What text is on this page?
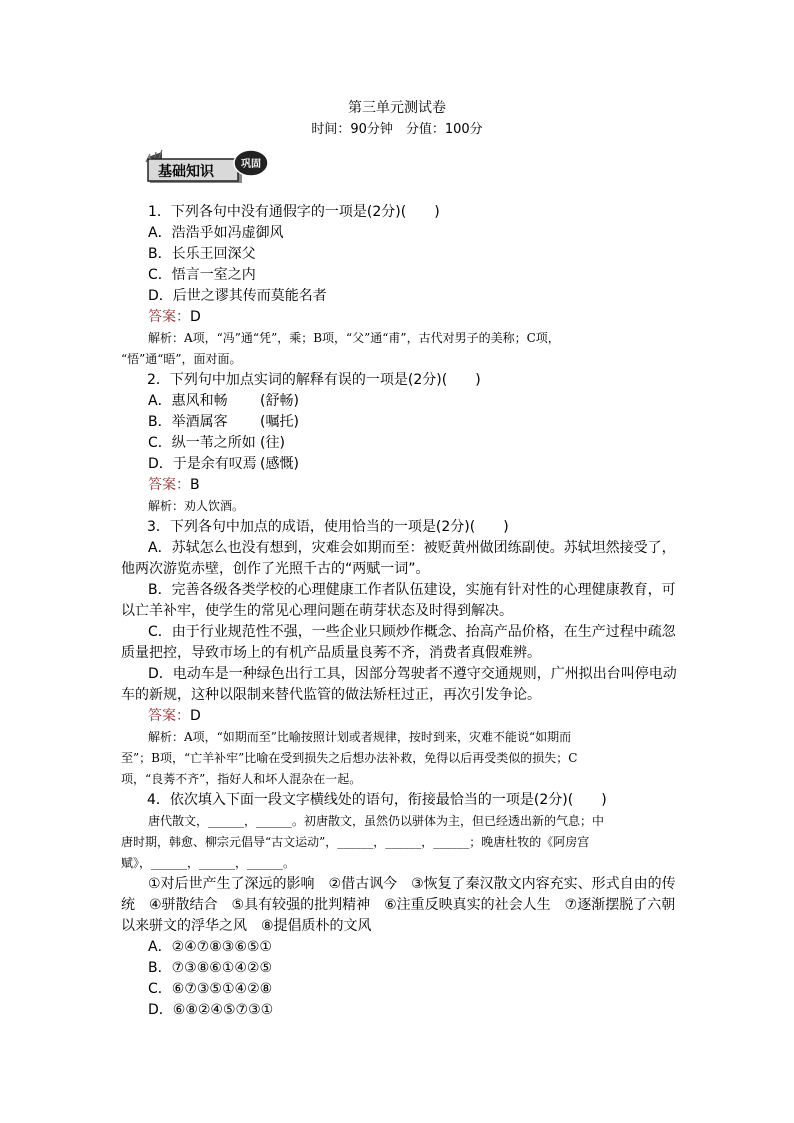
第三单元测试卷
时间：90分钟　分值：100分
基础知识	巩固
1．下列各句中没有通假字的一项是(2分)(　　)
A．浩浩乎如冯虚御风
B．长乐王回深父
C．悟言一室之内
D．后世之谬其传而莫能名者
答案：D
解析：A项，“冯”通“凭”，乘；B项，“父”通“甫”，古代对男子的美称；C项，
“悟”通“晤”，面对面。
2．下列句中加点实词的解释有误的一项是(2分)(　　)
A．惠风和畅 (舒畅)
B．举酒属客 (嘱托)
C．纵一苇之所如 (往)
D．于是余有叹焉 (感慨)
答案：B
解析：劝人饮酒。
3．下列各句中加点的成语，使用恰当的一项是(2分)(　　)
A．苏轼怎么也没有想到，灾难会如期而至：被贬黄州做团练副使。苏轼坦然接受了，
他两次游览赤壁，创作了光照千古的“两赋一词”。
B．完善各级各类学校的心理健康工作者队伍建设，实施有针对性的心理健康教育，可
以亡羊补牢，使学生的常见心理问题在萌芽状态及时得到解决。
C．由于行业规范性不强，一些企业只顾炒作概念、抬高产品价格，在生产过程中疏忽
质量把控，导致市场上的有机产品质量良莠不齐，消费者真假难辨。
D．电动车是一种绿色出行工具，因部分驾驶者不遵守交通规则，广州拟出台叫停电动
车的新规，这种以限制来替代监管的做法矫枉过正，再次引发争论。
答案：D
解析：A项，“如期而至”比喻按照计划或者规律，按时到来，灾难不能说“如期而
至”；B项，“亡羊补牢”比喻在受到损失之后想办法补救，免得以后再受类似的损失；C
项，“良莠不齐”，指好人和坏人混杂在一起。
4．依次填入下面一段文字横线处的语句，衔接最恰当的一项是(2分)(　　)
唐代散文，______，______。初唐散文，虽然仍以骈体为主，但已经透出新的气息；中
唐时期，韩愈、柳宗元倡导“古文运动”，______，______，______；晚唐杜牧的《阿房宫
赋》，______，______，______。
①对后世产生了深远的影响　②借古讽今　③恢复了秦汉散文内容充实、形式自由的传
统　④骈散结合　⑤具有较强的批判精神　⑥注重反映真实的社会人生　⑦逐渐摆脱了六朝
以来骈文的浮华之风　⑧提倡质朴的文风
A．②④⑦⑧③⑥⑤①
B．⑦③⑧⑥①④②⑤
C．⑥⑦③⑤①④②⑧
D．⑥⑧②④⑤⑦③①
